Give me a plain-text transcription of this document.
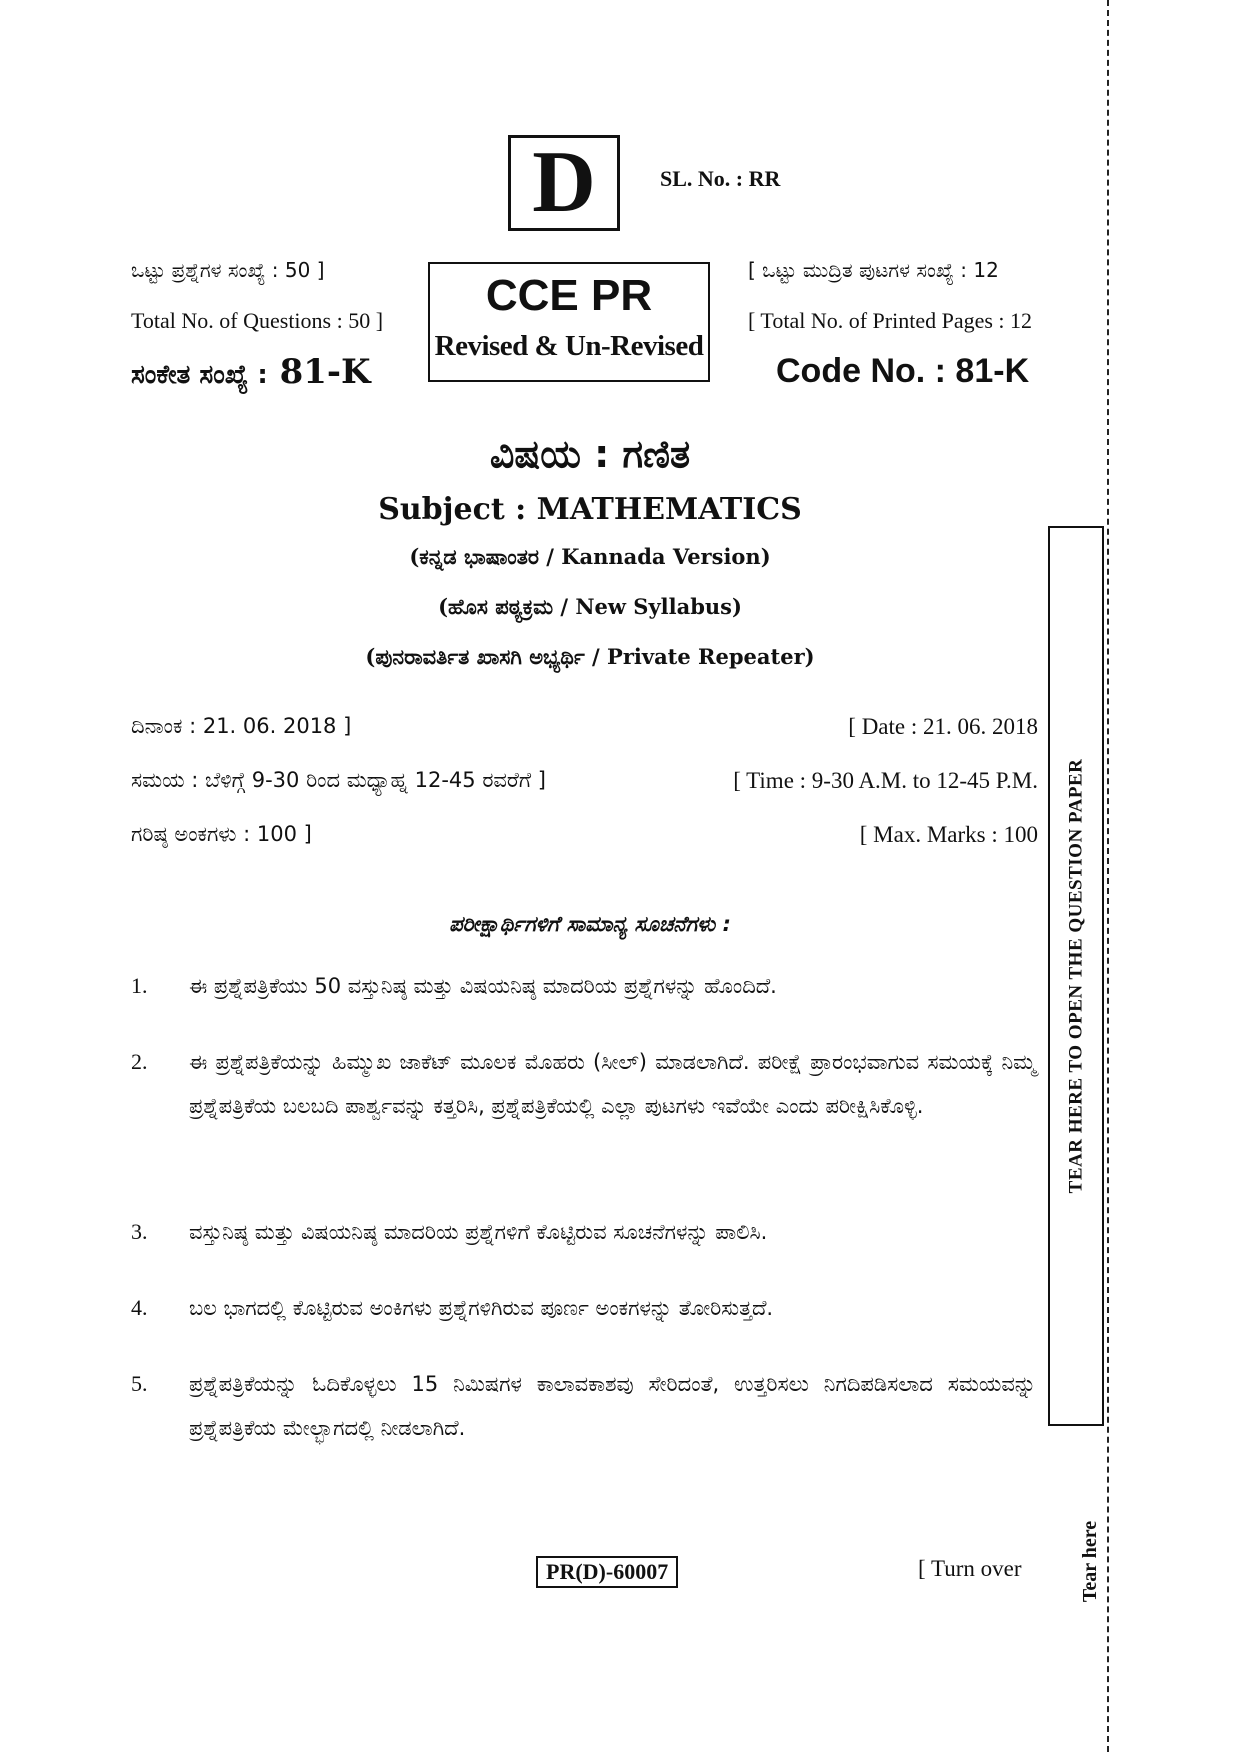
D	SL. No. : RR
ಒಟ್ಟು ಪ್ರಶ್ನೆಗಳ ಸಂಖ್ಯೆ : 50 ]
Total No. of Questions : 50 ]
ಸಂಕೇತ ಸಂಖ್ಯೆ : 81-K
CCE PR
Revised & Un-Revised
[ ಒಟ್ಟು ಮುದ್ರಿತ ಪುಟಗಳ ಸಂಖ್ಯೆ : 12
[ Total No. of Printed Pages : 12
Code No. : 81-K
ವಿಷಯ : ಗಣಿತ
Subject : MATHEMATICS
(ಕನ್ನಡ ಭಾಷಾಂತರ / Kannada Version)
(ಹೊಸ ಪಠ್ಯಕ್ರಮ / New Syllabus)
(ಪುನರಾವರ್ತಿತ ಖಾಸಗಿ ಅಭ್ಯರ್ಥಿ / Private Repeater)
ದಿನಾಂಕ : 21. 06. 2018 ]	[ Date : 21. 06. 2018
ಸಮಯ : ಬೆಳಿಗ್ಗೆ 9-30 ರಿಂದ ಮಧ್ಯಾಹ್ನ 12-45 ರವರೆಗೆ ]	[ Time : 9-30 A.M. to 12-45 P.M.
ಗರಿಷ್ಠ ಅಂಕಗಳು : 100 ]	[ Max. Marks : 100
ಪರೀಕ್ಷಾರ್ಥಿಗಳಿಗೆ ಸಾಮಾನ್ಯ ಸೂಚನೆಗಳು :
1.	ಈ ಪ್ರಶ್ನೆಪತ್ರಿಕೆಯು 50 ವಸ್ತುನಿಷ್ಠ ಮತ್ತು ವಿಷಯನಿಷ್ಠ ಮಾದರಿಯ ಪ್ರಶ್ನೆಗಳನ್ನು ಹೊಂದಿದೆ.
2.	ಈ ಪ್ರಶ್ನೆಪತ್ರಿಕೆಯನ್ನು ಹಿಮ್ಮುಖ ಜಾಕೆಟ್ ಮೂಲಕ ಮೊಹರು (ಸೀಲ್) ಮಾಡಲಾಗಿದೆ. ಪರೀಕ್ಷೆ ಪ್ರಾರಂಭವಾಗುವ ಸಮಯಕ್ಕೆ ನಿಮ್ಮ ಪ್ರಶ್ನೆಪತ್ರಿಕೆಯ ಬಲಬದಿ ಪಾರ್ಶ್ವವನ್ನು ಕತ್ತರಿಸಿ, ಪ್ರಶ್ನೆಪತ್ರಿಕೆಯಲ್ಲಿ ಎಲ್ಲಾ ಪುಟಗಳು ಇವೆಯೇ ಎಂದು ಪರೀಕ್ಷಿಸಿಕೊಳ್ಳಿ.
3.	ವಸ್ತುನಿಷ್ಠ ಮತ್ತು ವಿಷಯನಿಷ್ಠ ಮಾದರಿಯ ಪ್ರಶ್ನೆಗಳಿಗೆ ಕೊಟ್ಟಿರುವ ಸೂಚನೆಗಳನ್ನು ಪಾಲಿಸಿ.
4.	ಬಲ ಭಾಗದಲ್ಲಿ ಕೊಟ್ಟಿರುವ ಅಂಕಿಗಳು ಪ್ರಶ್ನೆಗಳಿಗಿರುವ ಪೂರ್ಣ ಅಂಕಗಳನ್ನು ತೋರಿಸುತ್ತದೆ.
5.	ಪ್ರಶ್ನೆಪತ್ರಿಕೆಯನ್ನು ಓದಿಕೊಳ್ಳಲು 15 ನಿಮಿಷಗಳ ಕಾಲಾವಕಾಶವು ಸೇರಿದಂತೆ, ಉತ್ತರಿಸಲು ನಿಗದಿಪಡಿಸಲಾದ ಸಮಯವನ್ನು ಪ್ರಶ್ನೆಪತ್ರಿಕೆಯ ಮೇಲ್ಭಾಗದಲ್ಲಿ ನೀಡಲಾಗಿದೆ.
PR(D)-60007	[ Turn over
TEAR HERE TO OPEN THE QUESTION PAPER
Tear here
